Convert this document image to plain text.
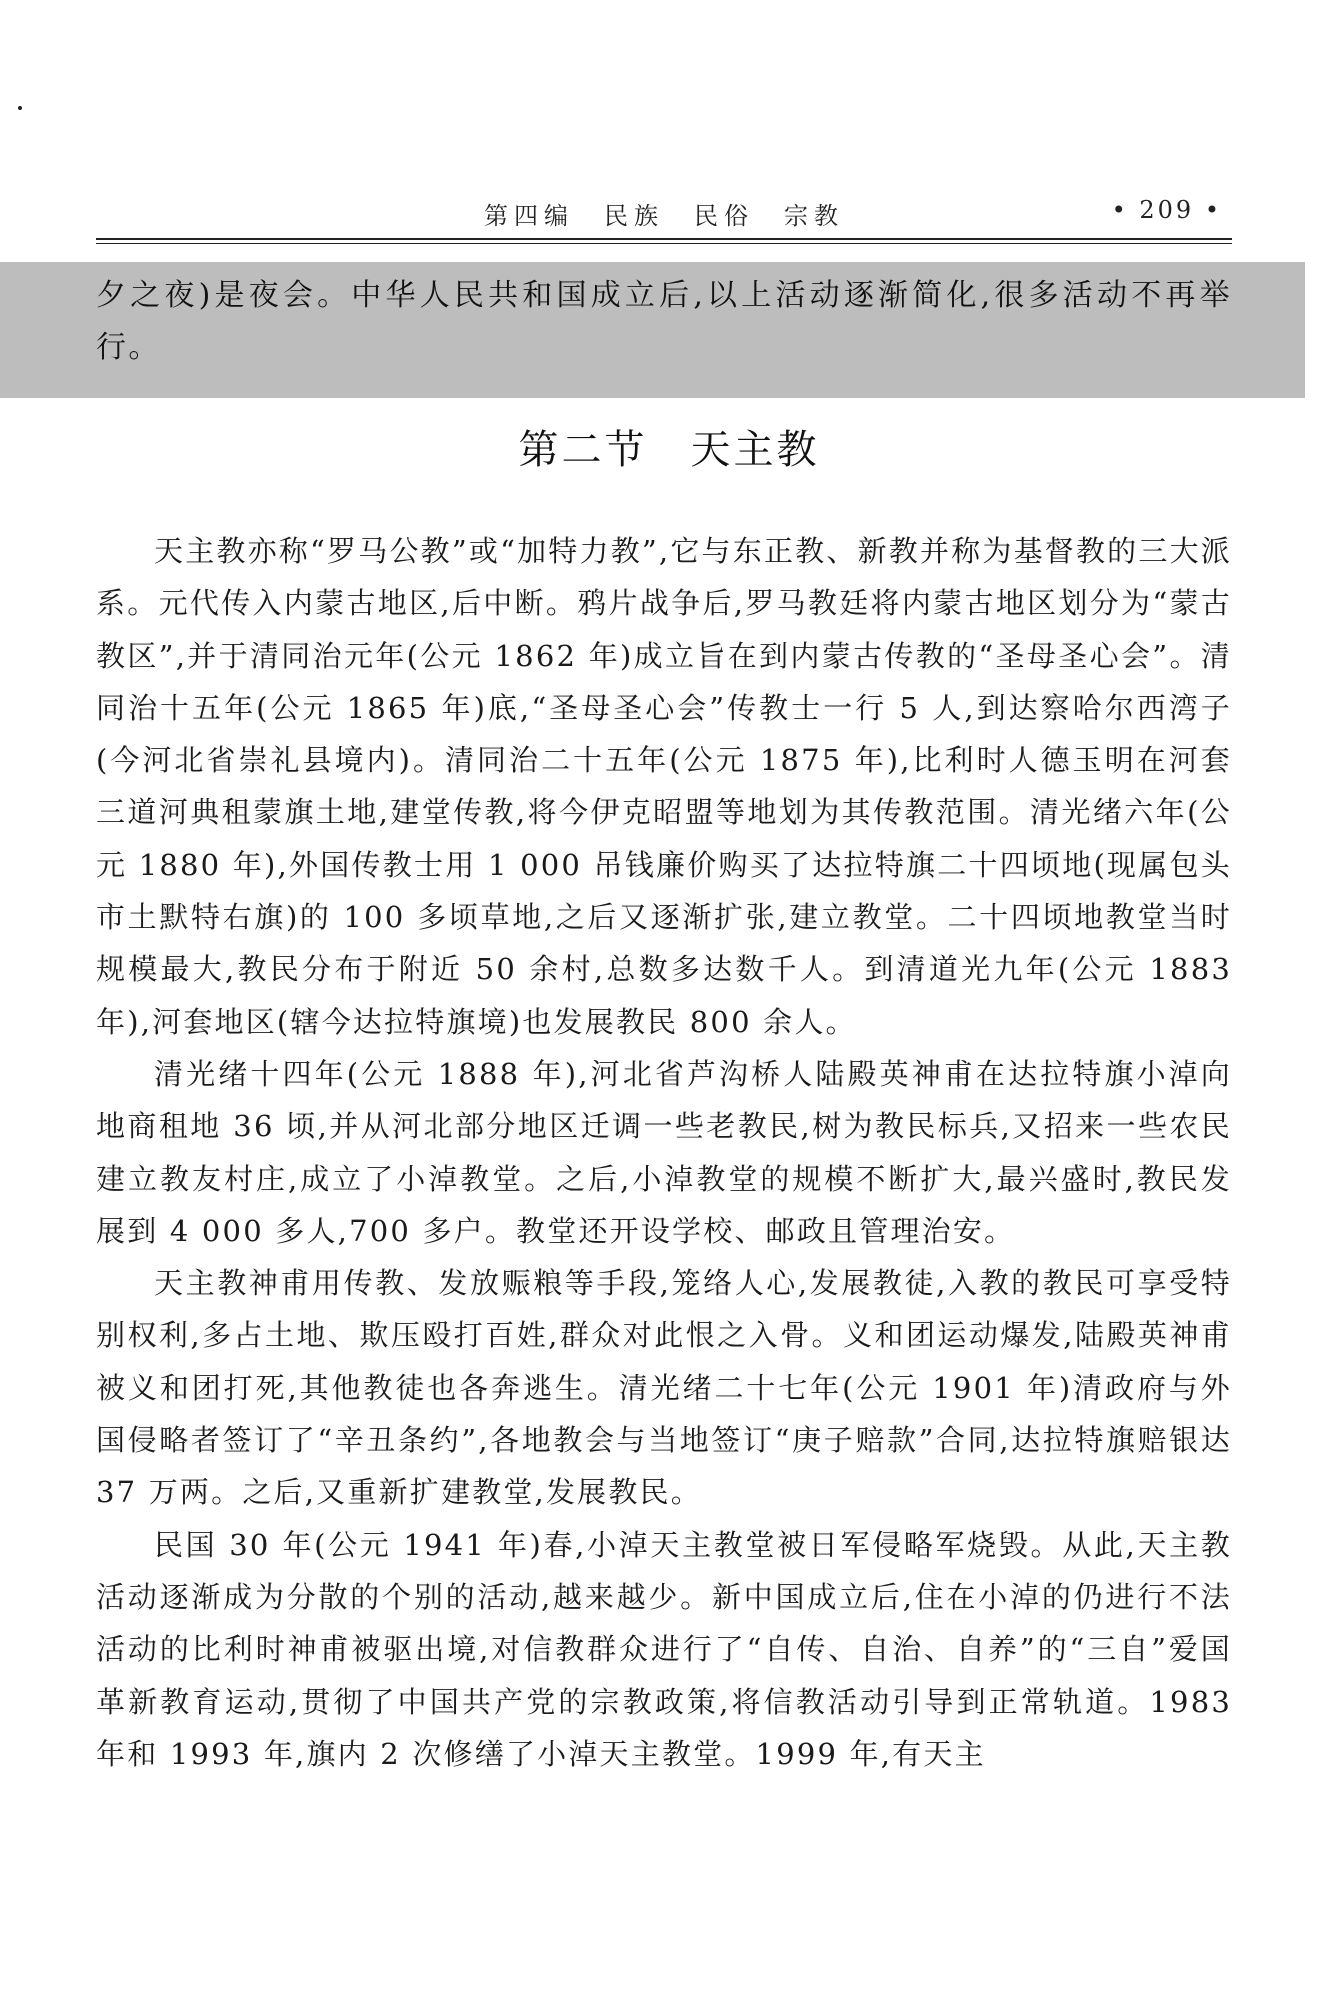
第四编　民族　民俗　宗教	• 209 •
夕之夜)是夜会。中华人民共和国成立后,以上活动逐渐简化,很多活动不再举行。
第二节　天主教

天主教亦称“罗马公教”或“加特力教”,它与东正教、新教并称为基督教的三大派系。元代传入内蒙古地区,后中断。鸦片战争后,罗马教廷将内蒙古地区划分为“蒙古教区”,并于清同治元年(公元 1862 年)成立旨在到内蒙古传教的“圣母圣心会”。清同治十五年(公元 1865 年)底,“圣母圣心会”传教士一行 5 人,到达察哈尔西湾子(今河北省崇礼县境内)。清同治二十五年(公元 1875 年),比利时人德玉明在河套三道河典租蒙旗土地,建堂传教,将今伊克昭盟等地划为其传教范围。清光绪六年(公元 1880 年),外国传教士用 1 000 吊钱廉价购买了达拉特旗二十四顷地(现属包头市土默特右旗)的 100 多顷草地,之后又逐渐扩张,建立教堂。二十四顷地教堂当时规模最大,教民分布于附近 50 余村,总数多达数千人。到清道光九年(公元 1883 年),河套地区(辖今达拉特旗境)也发展教民 800 余人。

清光绪十四年(公元 1888 年),河北省芦沟桥人陆殿英神甫在达拉特旗小淖向地商租地 36 顷,并从河北部分地区迁调一些老教民,树为教民标兵,又招来一些农民建立教友村庄,成立了小淖教堂。之后,小淖教堂的规模不断扩大,最兴盛时,教民发展到 4 000 多人,700 多户。教堂还开设学校、邮政且管理治安。

天主教神甫用传教、发放赈粮等手段,笼络人心,发展教徒,入教的教民可享受特别权利,多占土地、欺压殴打百姓,群众对此恨之入骨。义和团运动爆发,陆殿英神甫被义和团打死,其他教徒也各奔逃生。清光绪二十七年(公元 1901 年)清政府与外国侵略者签订了“辛丑条约”,各地教会与当地签订“庚子赔款”合同,达拉特旗赔银达 37 万两。之后,又重新扩建教堂,发展教民。

民国 30 年(公元 1941 年)春,小淖天主教堂被日军侵略军烧毁。从此,天主教活动逐渐成为分散的个别的活动,越来越少。新中国成立后,住在小淖的仍进行不法活动的比利时神甫被驱出境,对信教群众进行了“自传、自治、自养”的“三自”爱国革新教育运动,贯彻了中国共产党的宗教政策,将信教活动引导到正常轨道。1983 年和 1993 年,旗内 2 次修缮了小淖天主教堂。1999 年,有天主
